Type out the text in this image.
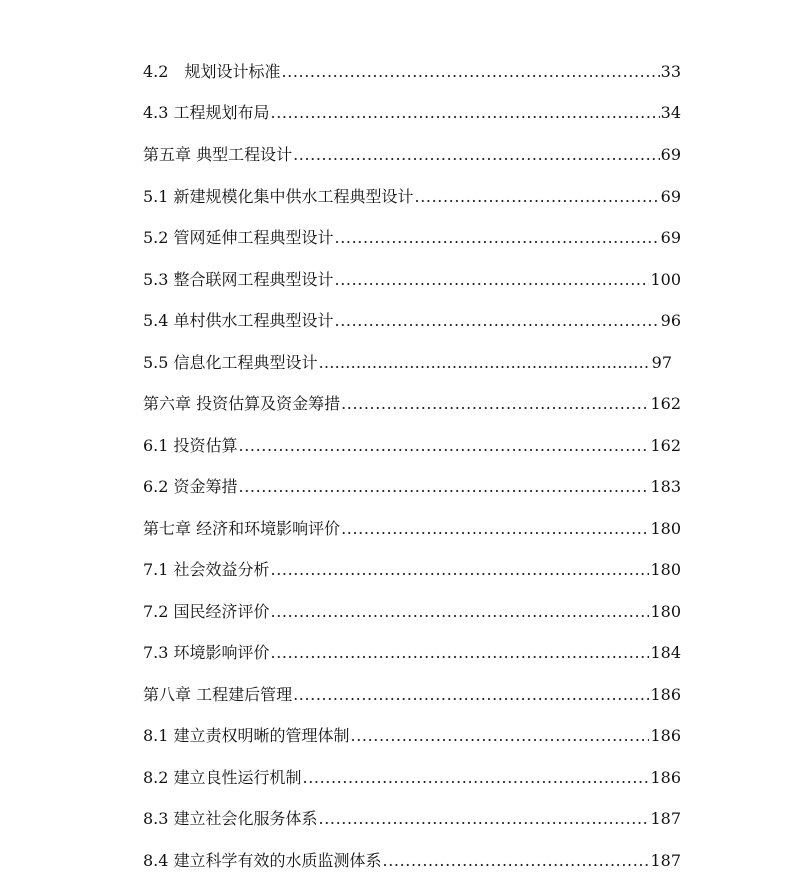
4.2　规划设计标准 .....	33
4.3 工程规划布局 .....	34
第五章 典型工程设计 .....	69
5.1 新建规模化集中供水工程典型设计 .....	69
5.2 管网延伸工程典型设计 .....	69
5.3 整合联网工程典型设计 .....	100
5.4 单村供水工程典型设计 .....	96
5.5 信息化工程典型设计 …………………………………………………………………………………………………………………	97
第六章 投资估算及资金筹措 .....	162
6.1 投资估算 .....	162
6.2 资金筹措 .....	183
第七章 经济和环境影响评价 .....	180
7.1 社会效益分析 .....	180
7.2 国民经济评价 .....	180
7.3 环境影响评价 .....	184
第八章 工程建后管理 .....	186
8.1 建立责权明晰的管理体制 .....	186
8.2 建立良性运行机制 .....	186
8.3 建立社会化服务体系 .....	187
8.4 建立科学有效的水质监测体系 .....	187
